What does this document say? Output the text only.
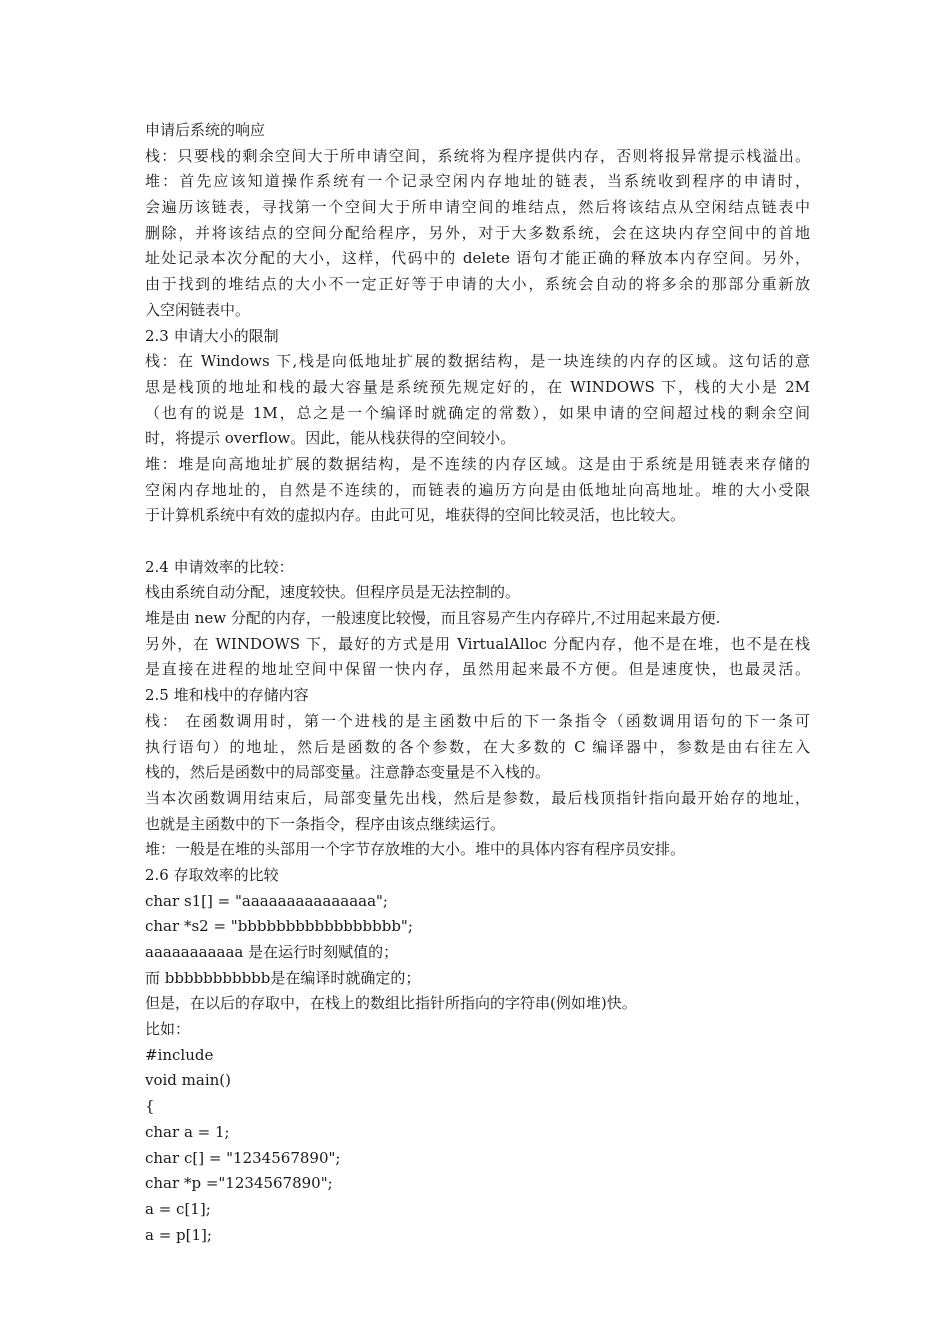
申请后系统的响应
栈：只要栈的剩余空间大于所申请空间，系统将为程序提供内存，否则将报异常提示栈溢出。
堆：首先应该知道操作系统有一个记录空闲内存地址的链表，当系统收到程序的申请时，
会遍历该链表，寻找第一个空间大于所申请空间的堆结点，然后将该结点从空闲结点链表中
删除，并将该结点的空间分配给程序，另外，对于大多数系统，会在这块内存空间中的首地
址处记录本次分配的大小，这样，代码中的 delete 语句才能正确的释放本内存空间。另外，
由于找到的堆结点的大小不一定正好等于申请的大小，系统会自动的将多余的那部分重新放
入空闲链表中。
2.3 申请大小的限制
栈：在 Windows 下,栈是向低地址扩展的数据结构，是一块连续的内存的区域。这句话的意
思是栈顶的地址和栈的最大容量是系统预先规定好的，在 WINDOWS 下，栈的大小是 2M
（也有的说是 1M，总之是一个编译时就确定的常数），如果申请的空间超过栈的剩余空间
时，将提示 overflow。因此，能从栈获得的空间较小。
堆：堆是向高地址扩展的数据结构，是不连续的内存区域。这是由于系统是用链表来存储的
空闲内存地址的，自然是不连续的，而链表的遍历方向是由低地址向高地址。堆的大小受限
于计算机系统中有效的虚拟内存。由此可见，堆获得的空间比较灵活，也比较大。
2.4 申请效率的比较：
栈由系统自动分配，速度较快。但程序员是无法控制的。
堆是由 new 分配的内存，一般速度比较慢，而且容易产生内存碎片,不过用起来最方便.
另外，在 WINDOWS 下，最好的方式是用 VirtualAlloc 分配内存，他不是在堆，也不是在栈
是直接在进程的地址空间中保留一快内存，虽然用起来最不方便。但是速度快，也最灵活。
2.5 堆和栈中的存储内容
栈： 在函数调用时，第一个进栈的是主函数中后的下一条指令（函数调用语句的下一条可
执行语句）的地址，然后是函数的各个参数，在大多数的 C 编译器中，参数是由右往左入
栈的，然后是函数中的局部变量。注意静态变量是不入栈的。
当本次函数调用结束后，局部变量先出栈，然后是参数，最后栈顶指针指向最开始存的地址，
也就是主函数中的下一条指令，程序由该点继续运行。
堆：一般是在堆的头部用一个字节存放堆的大小。堆中的具体内容有程序员安排。
2.6 存取效率的比较
char s1[] = "aaaaaaaaaaaaaaa";
char *s2 = "bbbbbbbbbbbbbbbbb";
aaaaaaaaaaa 是在运行时刻赋值的；
而 bbbbbbbbbbb是在编译时就确定的；
但是，在以后的存取中，在栈上的数组比指针所指向的字符串(例如堆)快。
比如：
#include
void main()
{
char a = 1;
char c[] = "1234567890";
char *p ="1234567890";
a = c[1];
a = p[1];
